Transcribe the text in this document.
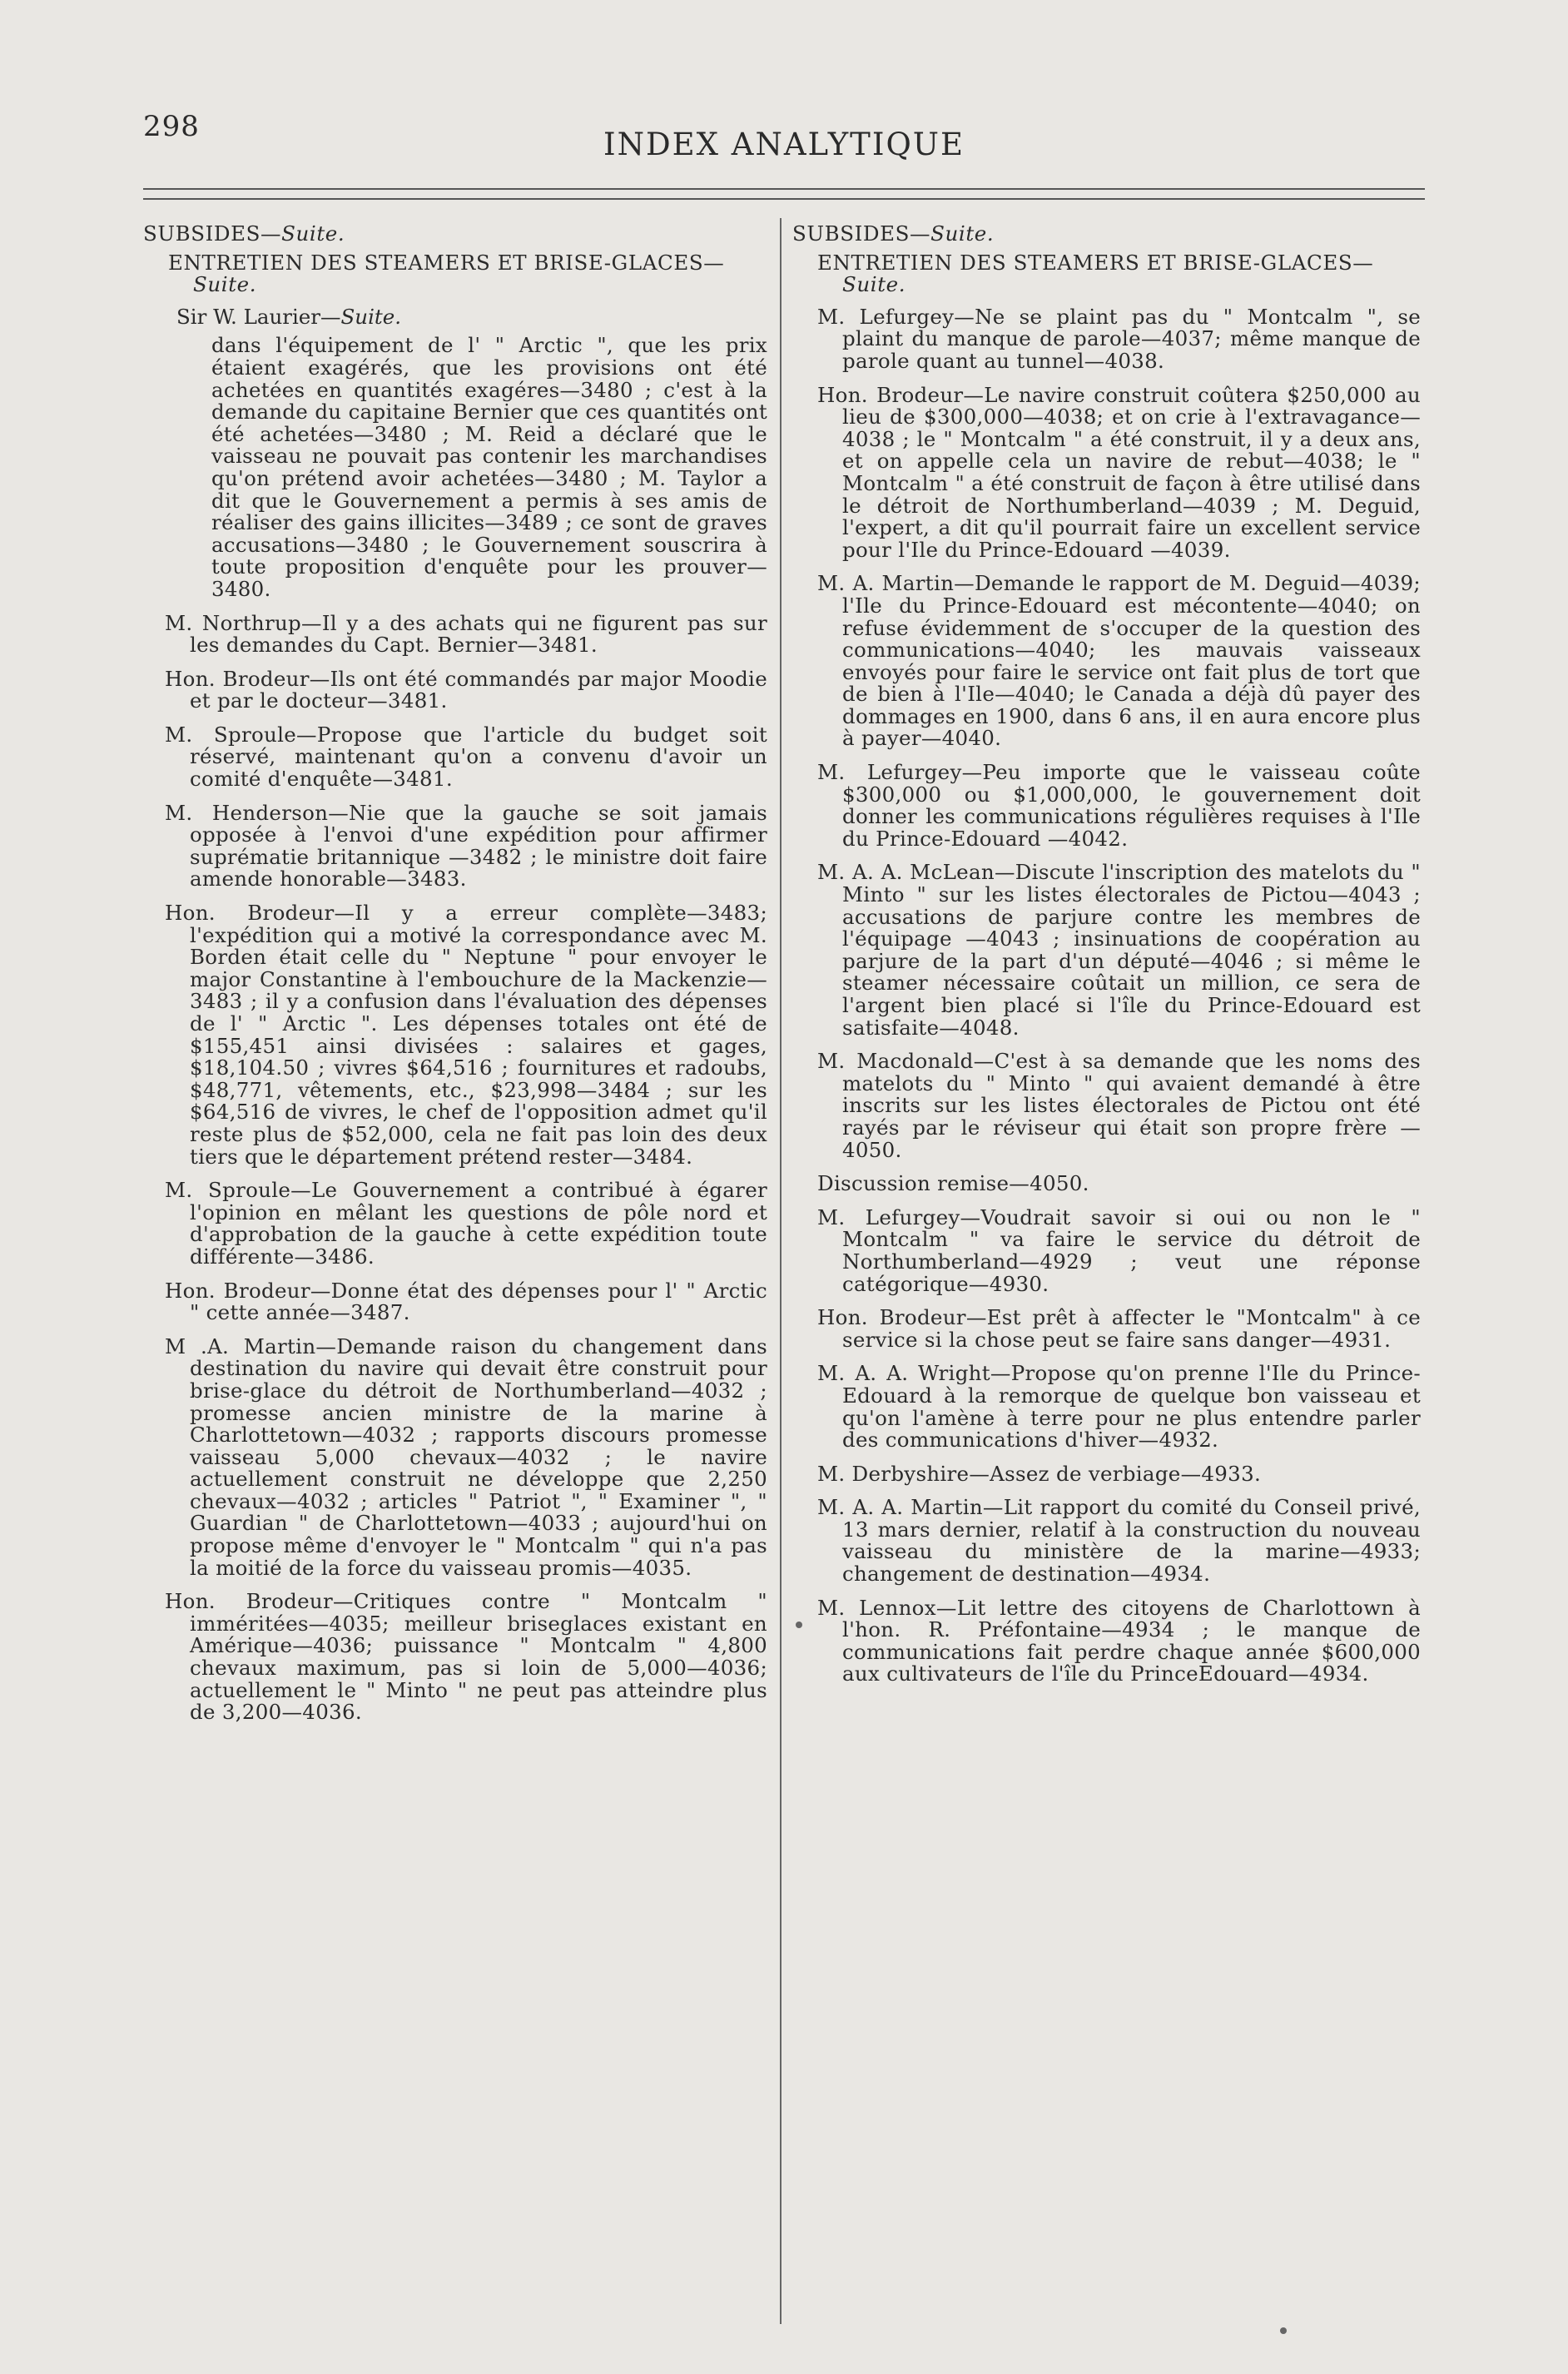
298	INDEX ANALYTIQUE
SUBSIDES—Suite.
ENTRETIEN DES STEAMERS ET BRISE-GLACES—Suite.
Sir W. Laurier—Suite.
dans l'équipement de l' " Arctic ", que les prix étaient exagérés, que les provisions ont été achetées en quantités exagéres—3480 ; c'est à la demande du capitaine Bernier que ces quantités ont été achetées—3480 ; M. Reid a déclaré que le vaisseau ne pouvait pas contenir les marchandises qu'on prétend avoir achetées—3480 ; M. Taylor a dit que le Gouvernement a permis à ses amis de réaliser des gains illicites—3489 ; ce sont de graves accusations—3480 ; le Gouvernement souscrira à toute proposition d'enquête pour les prouver—3480.
M. Northrup—Il y a des achats qui ne figurent pas sur les demandes du Capt. Bernier—3481.
Hon. Brodeur—Ils ont été commandés par major Moodie et par le docteur—3481.
M. Sproule—Propose que l'article du budget soit réservé, maintenant qu'on a convenu d'avoir un comité d'enquête—3481.
M. Henderson—Nie que la gauche se soit jamais opposée à l'envoi d'une expédition pour affirmer suprématie britannique —3482 ; le ministre doit faire amende honorable—3483.
Hon. Brodeur—Il y a erreur complète—3483; l'expédition qui a motivé la correspondance avec M. Borden était celle du " Neptune " pour envoyer le major Constantine à l'embouchure de la Mackenzie—3483 ; il y a confusion dans l'évaluation des dépenses de l' " Arctic ". Les dépenses totales ont été de $155,451 ainsi divisées : salaires et gages, $18,104.50 ; vivres $64,516 ; fournitures et radoubs, $48,771, vêtements, etc., $23,998—3484 ; sur les $64,516 de vivres, le chef de l'opposition admet qu'il reste plus de $52,000, cela ne fait pas loin des deux tiers que le département prétend rester—3484.
M. Sproule—Le Gouvernement a contribué à égarer l'opinion en mêlant les questions de pôle nord et d'approbation de la gauche à cette expédition toute différente—3486.
Hon. Brodeur—Donne état des dépenses pour l' " Arctic " cette année—3487.
M .A. Martin—Demande raison du changement dans destination du navire qui devait être construit pour brise-glace du détroit de Northumberland—4032 ; promesse ancien ministre de la marine à Charlottetown—4032 ; rapports discours promesse vaisseau 5,000 chevaux—4032 ; le navire actuellement construit ne développe que 2,250 chevaux—4032 ; articles " Patriot ", " Examiner ", " Guardian " de Charlottetown—4033 ; aujourd'hui on propose même d'envoyer le " Montcalm " qui n'a pas la moitié de la force du vaisseau promis—4035.
Hon. Brodeur—Critiques contre " Montcalm " imméritées—4035; meilleur briseglaces existant en Amérique—4036; puissance " Montcalm " 4,800 chevaux maximum, pas si loin de 5,000—4036; actuellement le " Minto " ne peut pas atteindre plus de 3,200—4036.
SUBSIDES—Suite.
ENTRETIEN DES STEAMERS ET BRISE-GLACES—Suite.
M. Lefurgey—Ne se plaint pas du " Montcalm ", se plaint du manque de parole—4037; même manque de parole quant au tunnel—4038.
Hon. Brodeur—Le navire construit coûtera $250,000 au lieu de $300,000—4038; et on crie à l'extravagance—4038 ; le " Montcalm " a été construit, il y a deux ans, et on appelle cela un navire de rebut—4038; le " Montcalm " a été construit de façon à être utilisé dans le détroit de Northumberland—4039 ; M. Deguid, l'expert, a dit qu'il pourrait faire un excellent service pour l'Ile du Prince-Edouard —4039.
M. A. Martin—Demande le rapport de M. Deguid—4039; l'Ile du Prince-Edouard est mécontente—4040; on refuse évidemment de s'occuper de la question des communications—4040; les mauvais vaisseaux envoyés pour faire le service ont fait plus de tort que de bien à l'Ile—4040; le Canada a déjà dû payer des dommages en 1900, dans 6 ans, il en aura encore plus à payer—4040.
M. Lefurgey—Peu importe que le vaisseau coûte $300,000 ou $1,000,000, le gouvernement doit donner les communications régulières requises à l'Ile du Prince-Edouard —4042.
M. A. A. McLean—Discute l'inscription des matelots du " Minto " sur les listes électorales de Pictou—4043 ; accusations de parjure contre les membres de l'équipage —4043 ; insinuations de coopération au parjure de la part d'un député—4046 ; si même le steamer nécessaire coûtait un million, ce sera de l'argent bien placé si l'île du Prince-Edouard est satisfaite—4048.
M. Macdonald—C'est à sa demande que les noms des matelots du " Minto " qui avaient demandé à être inscrits sur les listes électorales de Pictou ont été rayés par le réviseur qui était son propre frère —4050.
Discussion remise—4050.
M. Lefurgey—Voudrait savoir si oui ou non le " Montcalm " va faire le service du détroit de Northumberland—4929 ; veut une réponse catégorique—4930.
Hon. Brodeur—Est prêt à affecter le "Montcalm" à ce service si la chose peut se faire sans danger—4931.
M. A. A. Wright—Propose qu'on prenne l'Ile du Prince-Edouard à la remorque de quelque bon vaisseau et qu'on l'amène à terre pour ne plus entendre parler des communications d'hiver—4932.
M. Derbyshire—Assez de verbiage—4933.
M. A. A. Martin—Lit rapport du comité du Conseil privé, 13 mars dernier, relatif à la construction du nouveau vaisseau du ministère de la marine—4933; changement de destination—4934.
M. Lennox—Lit lettre des citoyens de Charlottown à l'hon. R. Préfontaine—4934 ; le manque de communications fait perdre chaque année $600,000 aux cultivateurs de l'île du PrinceEdouard—4934.
